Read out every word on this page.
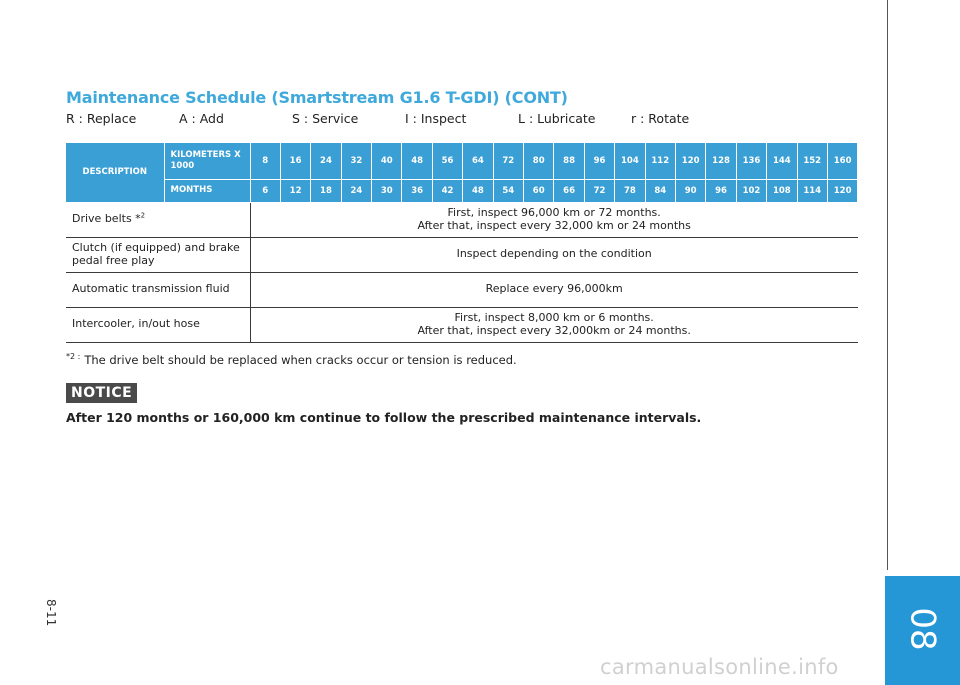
Maintenance Schedule (Smartstream G1.6 T-GDI) (CONT)
R : Replace	A : Add	S : Service	I : Inspect	L : Lubricate	r : Rotate
DESCRIPTION	KILOMETERS X 1000	8	16	24	32	40	48	56	64	72	80	88	96	104	112	120	128	136	144	152	160
	MONTHS	6	12	18	24	30	36	42	48	54	60	66	72	78	84	90	96	102	108	114	120
Drive belts *$^2$		First, inspect 96,000 km or 72 months.
After that, inspect every 32,000 km or 24 months																			

Clutch (if equipped) and brake
pedal free play		Inspect depending on the condition																			

Automatic transmission fluid		Replace every 96,000km																			

Intercooler, in/out hose		First, inspect 8,000 km or 6 months.
After that, inspect every 32,000km or 24 months.																			
$^{*2 :}$ The drive belt should be replaced when cracks occur or tension is reduced.
NOTICE
After 120 months or 160,000 km continue to follow the prescribed maintenance intervals.
8-11	08
carmanualsonline.info
